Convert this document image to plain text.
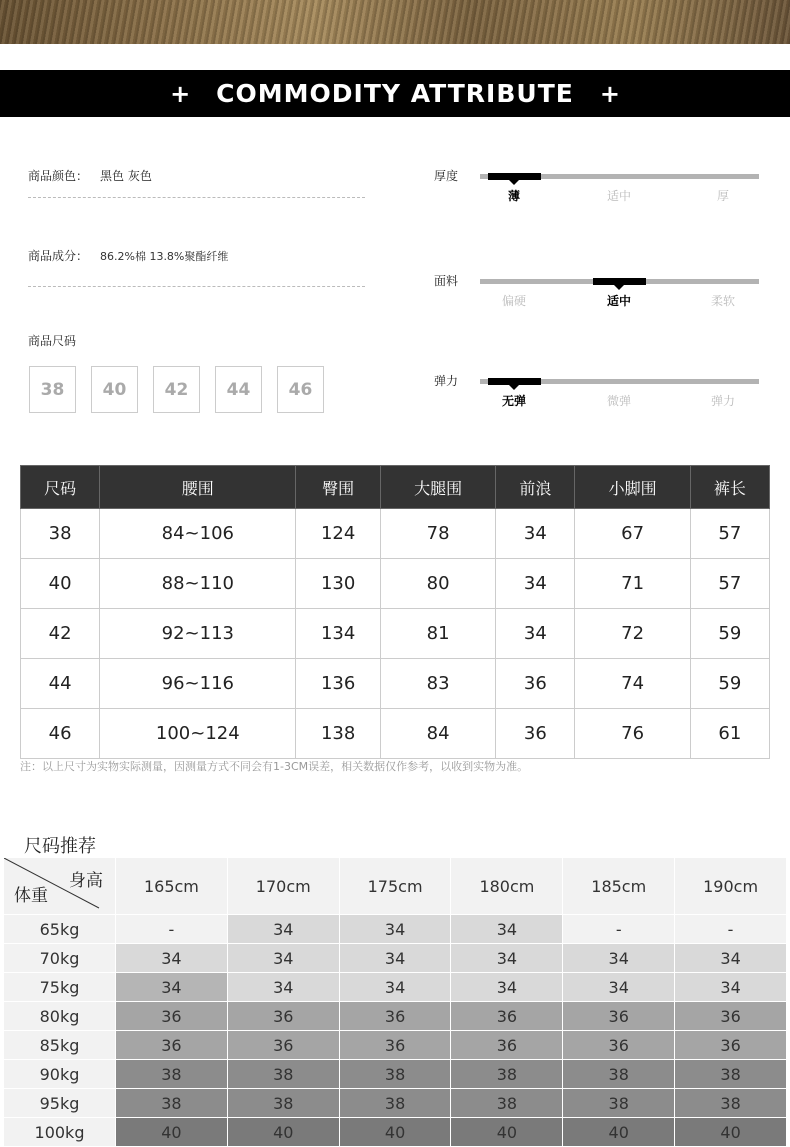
+ COMMODITY ATTRIBUTE +
商品颜色： 黑色 灰色
商品成分： 86.2%棉 13.8%聚酯纤维
商品尺码
38	40	42	44	46
厚度
薄	适中	厚
面料
偏硬	适中	柔软
弹力
无弹	微弹	弹力
尺码	腰围	臀围	大腿围	前浪	小脚围	裤长
38	84~106	124	78	34	67	57
40	88~110	130	80	34	71	57
42	92~113	134	81	34	72	59
44	96~116	136	83	36	74	59
46	100~124	138	84	36	76	61
注：以上尺寸为实物实际测量，因测量方式不同会有1-3CM误差，相关数据仅作参考，以收到实物为准。
尺码推荐
身高
体重	165cm	170cm	175cm	180cm	185cm	190cm
65kg	-	34	34	34	-	-
70kg	34	34	34	34	34	34
75kg	34	34	34	34	34	34
80kg	36	36	36	36	36	36
85kg	36	36	36	36	36	36
90kg	38	38	38	38	38	38
95kg	38	38	38	38	38	38
100kg	40	40	40	40	40	40
